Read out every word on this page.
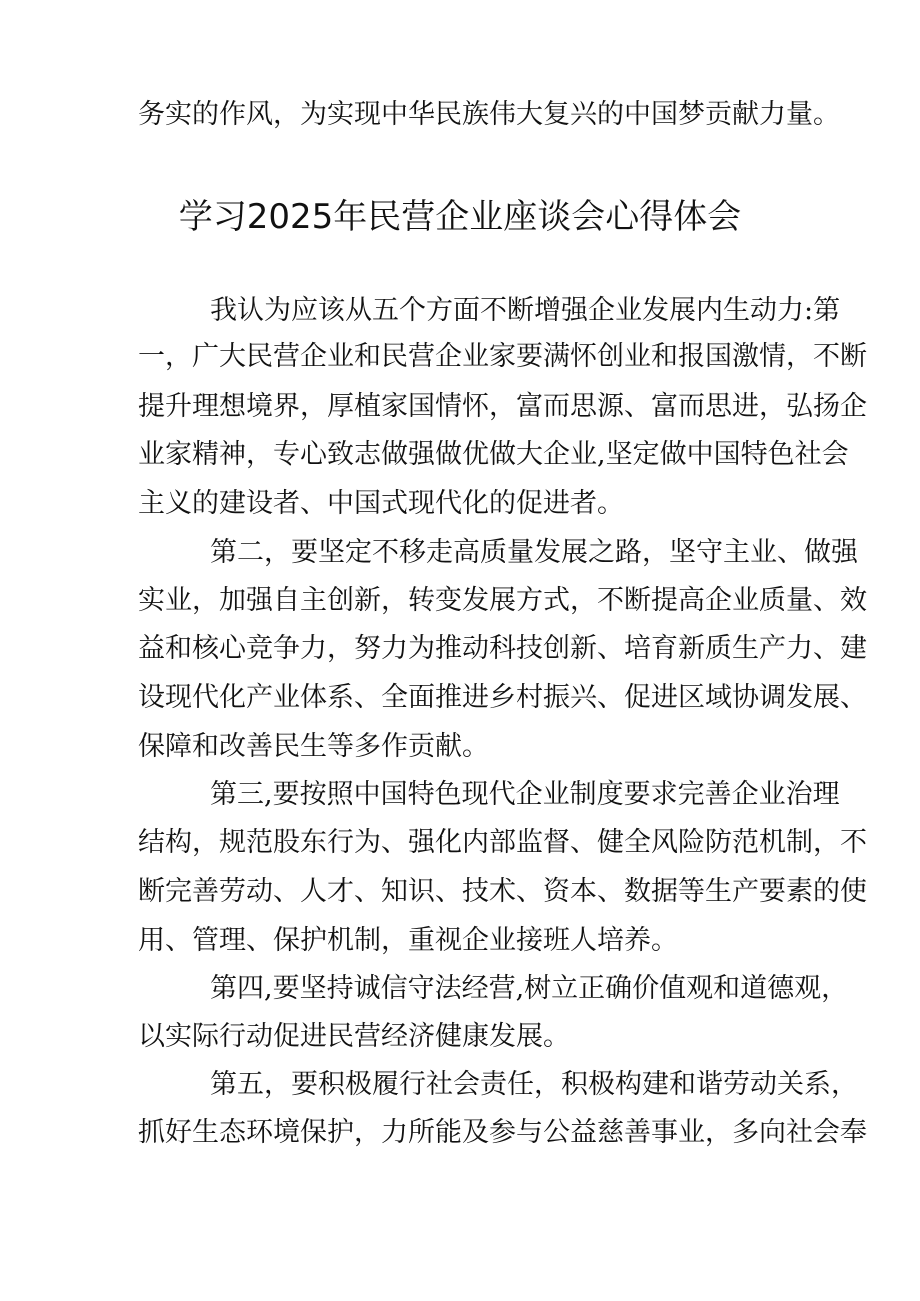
务实的作风，为实现中华民族伟大复兴的中国梦贡献力量。
学习2025年民营企业座谈会心得体会
我认为应该从五个方面不断增强企业发展内生动力:第
一，广大民营企业和民营企业家要满怀创业和报国激情，不断
提升理想境界，厚植家国情怀，富而思源、富而思进，弘扬企
业家精神，专心致志做强做优做大企业,坚定做中国特色社会
主义的建设者、中国式现代化的促进者。
第二，要坚定不移走高质量发展之路，坚守主业、做强
实业，加强自主创新，转变发展方式，不断提高企业质量、效
益和核心竞争力，努力为推动科技创新、培育新质生产力、建
设现代化产业体系、全面推进乡村振兴、促进区域协调发展、
保障和改善民生等多作贡献。
第三,要按照中国特色现代企业制度要求完善企业治理
结构，规范股东行为、强化内部监督、健全风险防范机制，不
断完善劳动、人才、知识、技术、资本、数据等生产要素的使
用、管理、保护机制，重视企业接班人培养。
第四,要坚持诚信守法经营,树立正确价值观和道德观，
以实际行动促进民营经济健康发展。
第五，要积极履行社会责任，积极构建和谐劳动关系，
抓好生态环境保护，力所能及参与公益慈善事业，多向社会奉
